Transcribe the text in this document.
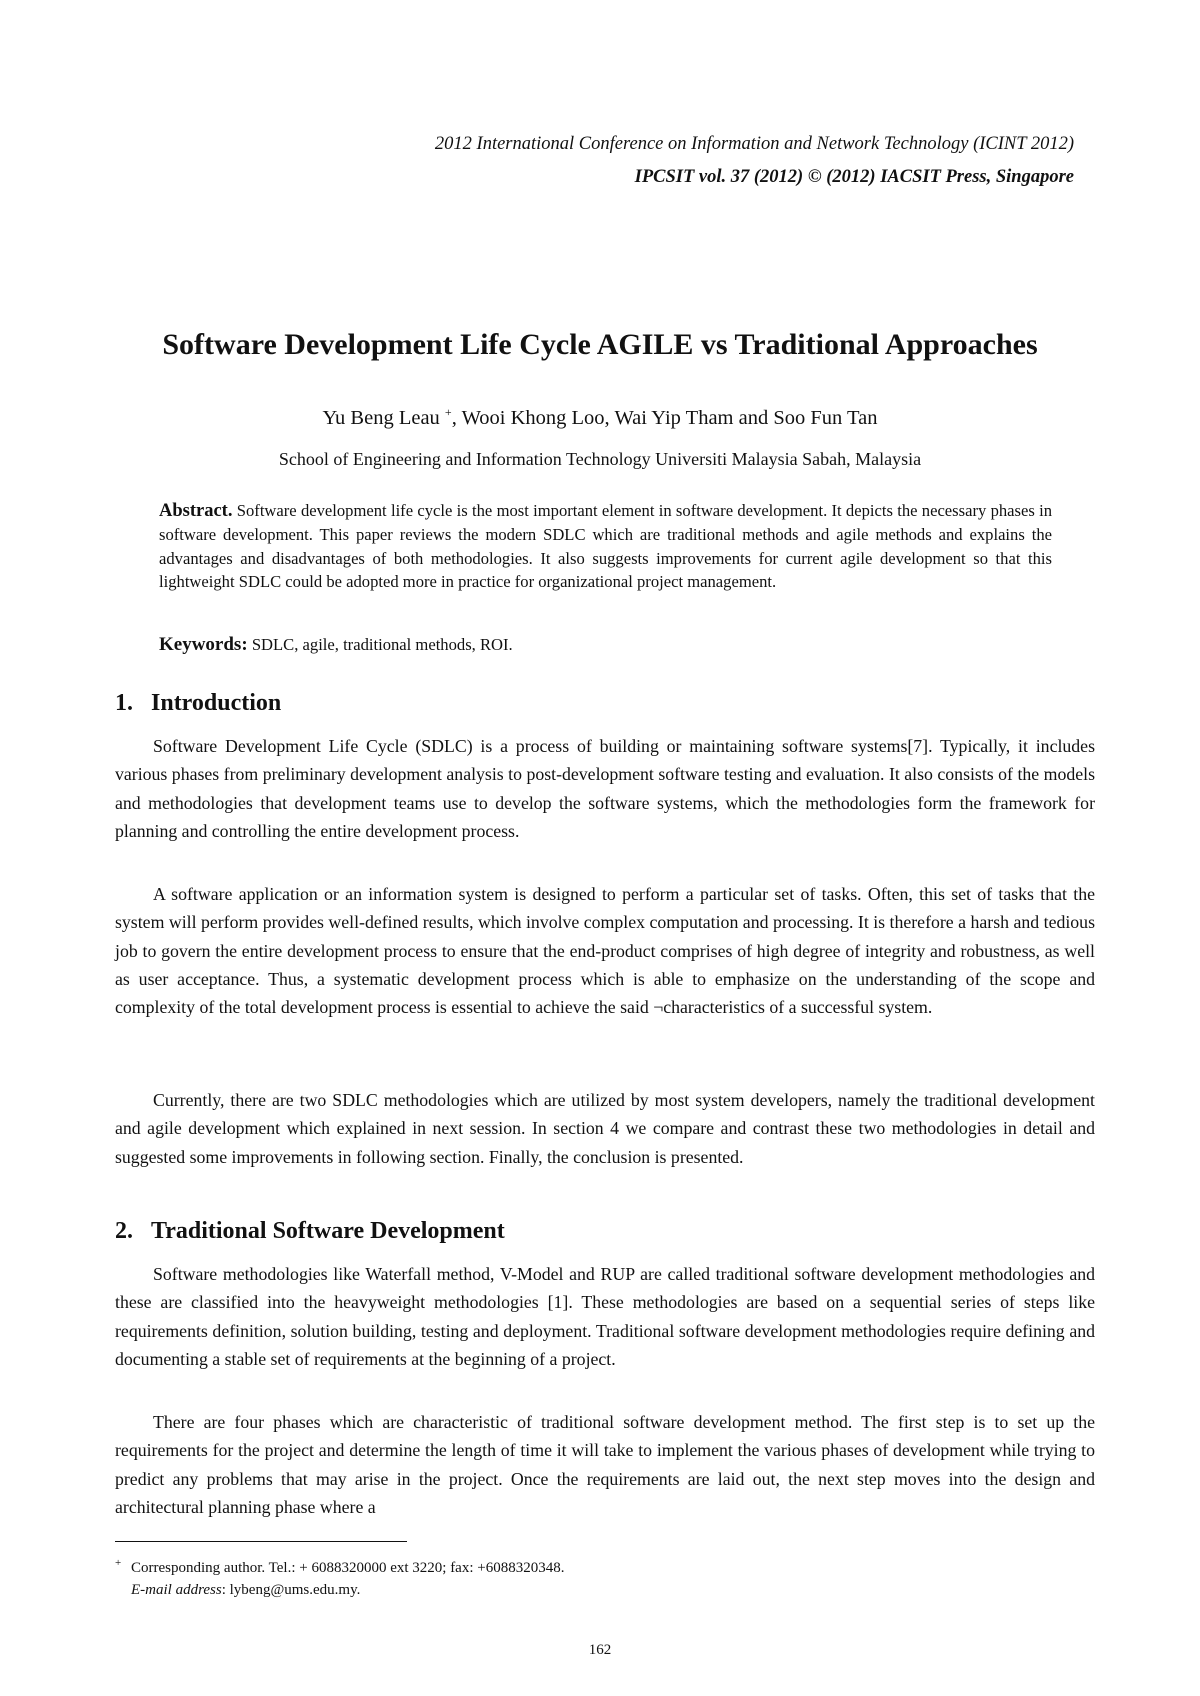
2012 International Conference on Information and Network Technology (ICINT 2012)
IPCSIT vol. 37 (2012) © (2012) IACSIT Press, Singapore
Software Development Life Cycle AGILE vs Traditional Approaches
Yu Beng Leau +, Wooi Khong Loo, Wai Yip Tham and Soo Fun Tan
School of Engineering and Information Technology Universiti Malaysia Sabah, Malaysia

Abstract. Software development life cycle is the most important element in software development. It depicts the necessary phases in software development. This paper reviews the modern SDLC which are traditional methods and agile methods and explains the advantages and disadvantages of both methodologies. It also suggests improvements for current agile development so that this lightweight SDLC could be adopted more in practice for organizational project management.

Keywords: SDLC, agile, traditional methods, ROI.

1. Introduction

Software Development Life Cycle (SDLC) is a process of building or maintaining software systems[7]. Typically, it includes various phases from preliminary development analysis to post-development software testing and evaluation. It also consists of the models and methodologies that development teams use to develop the software systems, which the methodologies form the framework for planning and controlling the entire development process.

A software application or an information system is designed to perform a particular set of tasks. Often, this set of tasks that the system will perform provides well-defined results, which involve complex computation and processing. It is therefore a harsh and tedious job to govern the entire development process to ensure that the end-product comprises of high degree of integrity and robustness, as well as user acceptance. Thus, a systematic development process which is able to emphasize on the understanding of the scope and complexity of the total development process is essential to achieve the said ¬characteristics of a successful system.

Currently, there are two SDLC methodologies which are utilized by most system developers, namely the traditional development and agile development which explained in next session. In section 4 we compare and contrast these two methodologies in detail and suggested some improvements in following section. Finally, the conclusion is presented.

2. Traditional Software Development

Software methodologies like Waterfall method, V-Model and RUP are called traditional software development methodologies and these are classified into the heavyweight methodologies [1]. These methodologies are based on a sequential series of steps like requirements definition, solution building, testing and deployment. Traditional software development methodologies require defining and documenting a stable set of requirements at the beginning of a project.

There are four phases which are characteristic of traditional software development method. The first step is to set up the requirements for the project and determine the length of time it will take to implement the various phases of development while trying to predict any problems that may arise in the project. Once the requirements are laid out, the next step moves into the design and architectural planning phase where a

+ Corresponding author. Tel.: + 6088320000 ext 3220; fax: +6088320348.
E-mail address: lybeng@ums.edu.my.
162
